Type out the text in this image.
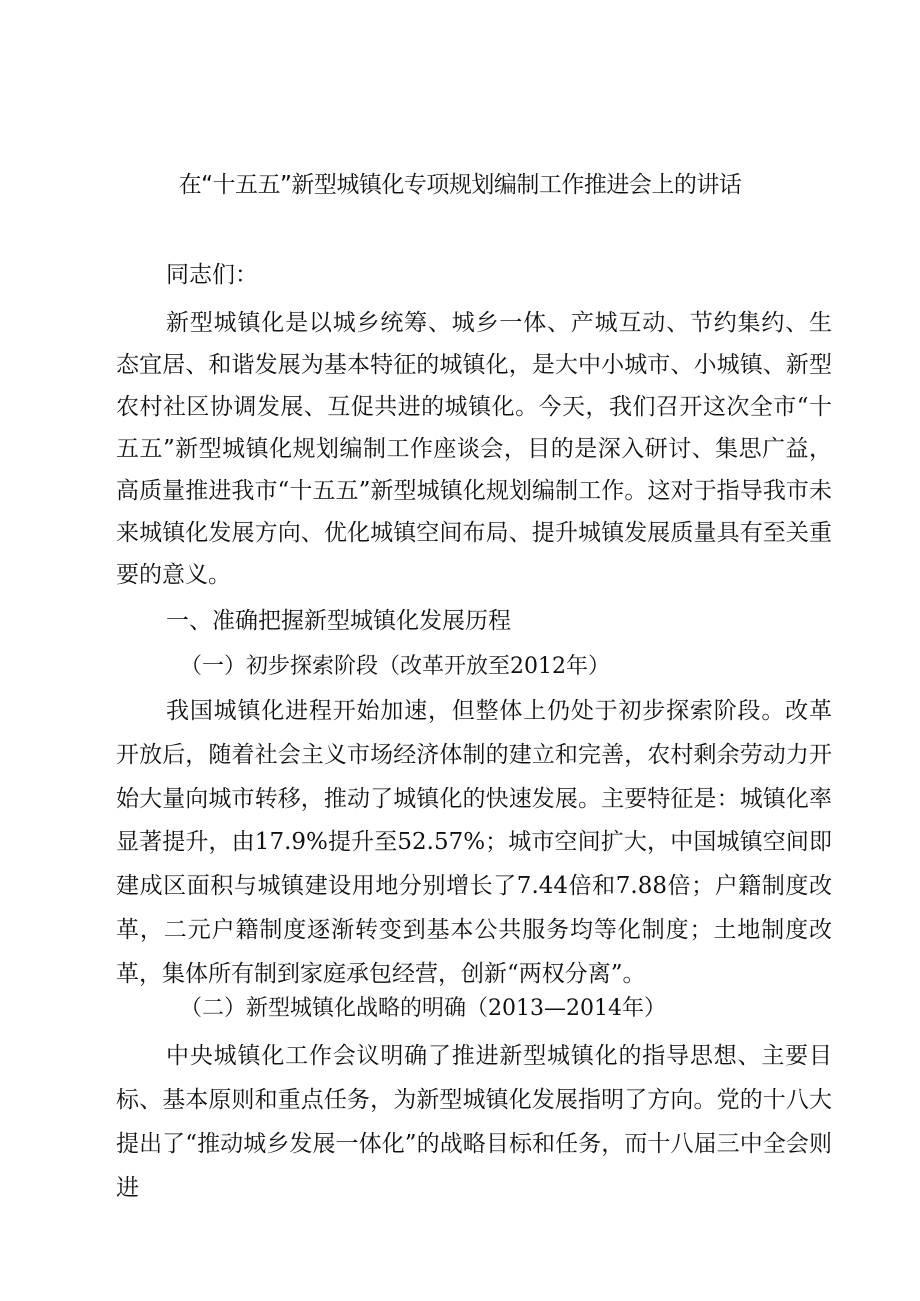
在“十五五”新型城镇化专项规划编制工作推进会上的讲话
同志们：
新型城镇化是以城乡统筹、城乡一体、产城互动、节约集约、生态宜居、和谐发展为基本特征的城镇化，是大中小城市、小城镇、新型农村社区协调发展、互促共进的城镇化。今天，我们召开这次全市“十五五”新型城镇化规划编制工作座谈会，目的是深入研讨、集思广益，高质量推进我市“十五五”新型城镇化规划编制工作。这对于指导我市未来城镇化发展方向、优化城镇空间布局、提升城镇发展质量具有至关重要的意义。
一、准确把握新型城镇化发展历程
（一）初步探索阶段（改革开放至2012年）
我国城镇化进程开始加速，但整体上仍处于初步探索阶段。改革开放后，随着社会主义市场经济体制的建立和完善，农村剩余劳动力开始大量向城市转移，推动了城镇化的快速发展。主要特征是：城镇化率显著提升，由17.9%提升至52.57%；城市空间扩大，中国城镇空间即建成区面积与城镇建设用地分别增长了7.44倍和7.88倍；户籍制度改革，二元户籍制度逐渐转变到基本公共服务均等化制度；土地制度改革，集体所有制到家庭承包经营，创新“两权分离”。
（二）新型城镇化战略的明确（2013—2014年）
中央城镇化工作会议明确了推进新型城镇化的指导思想、主要目标、基本原则和重点任务，为新型城镇化发展指明了方向。党的十八大提出了“推动城乡发展一体化”的战略目标和任务，而十八届三中全会则进
